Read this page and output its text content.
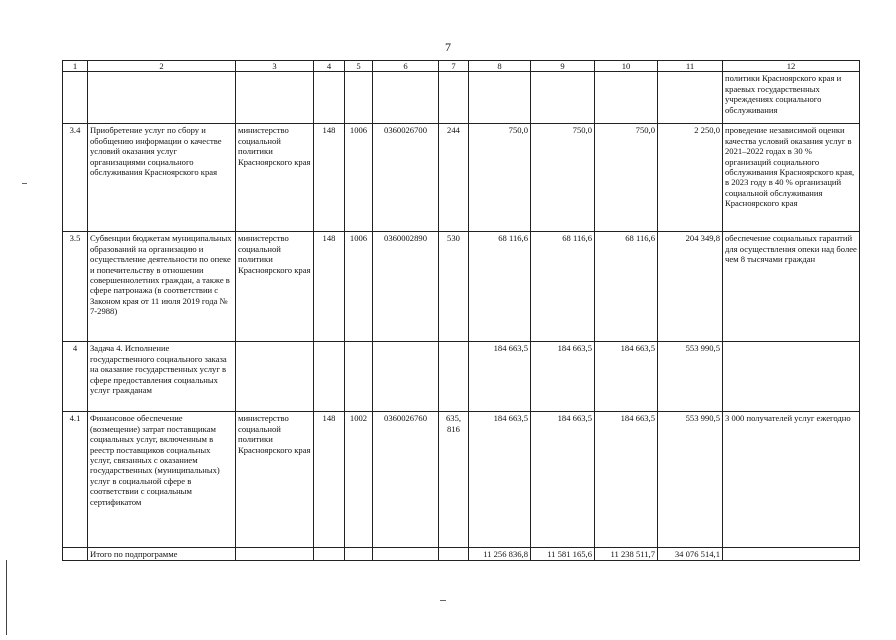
7
1	2	3	4	5	6	7	8	9	10	11	12
											политики Красноярского края и краевых государственных учреждениях социального обслуживания
3.4	Приобретение услуг по сбору и обобщению информации о качестве условий оказания услуг организациями социального обслуживания Красноярского края	министерство социальной политики Красноярского края	148	1006	0360026700	244	750,0	750,0	750,0	2 250,0	проведение независимой оценки качества условий оказания услуг в 2021–2022 годах в 30 % организаций социального обслуживания Красноярского края, в 2023 году в 40 % организаций социальной обслуживания Красноярского края
3.5	Субвенции бюджетам муниципальных образований на организацию и осуществление деятельности по опеке и попечительству в отношении совершеннолетних граждан, а также в сфере патронажа (в соответствии с Законом края от 11 июля 2019 года № 7-2988)	министерство социальной политики Красноярского края	148	1006	0360002890	530	68 116,6	68 116,6	68 116,6	204 349,8	обеспечение социальных гарантий для осуществления опеки над более чем 8 тысячами граждан
4	Задача 4. Исполнение государственного социального заказа на оказание государственных услуг в сфере предоставления социальных услуг гражданам						184 663,5	184 663,5	184 663,5	553 990,5	
4.1	Финансовое обеспечение (возмещение) затрат поставщикам социальных услуг, включенным в реестр поставщиков социальных услуг, связанных с оказанием государственных (муниципальных) услуг в социальной сфере в соответствии с социальным сертификатом	министерство социальной политики Красноярского края	148	1002	0360026760	635, 816	184 663,5	184 663,5	184 663,5	553 990,5	3 000 получателей услуг ежегодно
	Итого по подпрограмме						11 256 836,8	11 581 165,6	11 238 511,7	34 076 514,1	
